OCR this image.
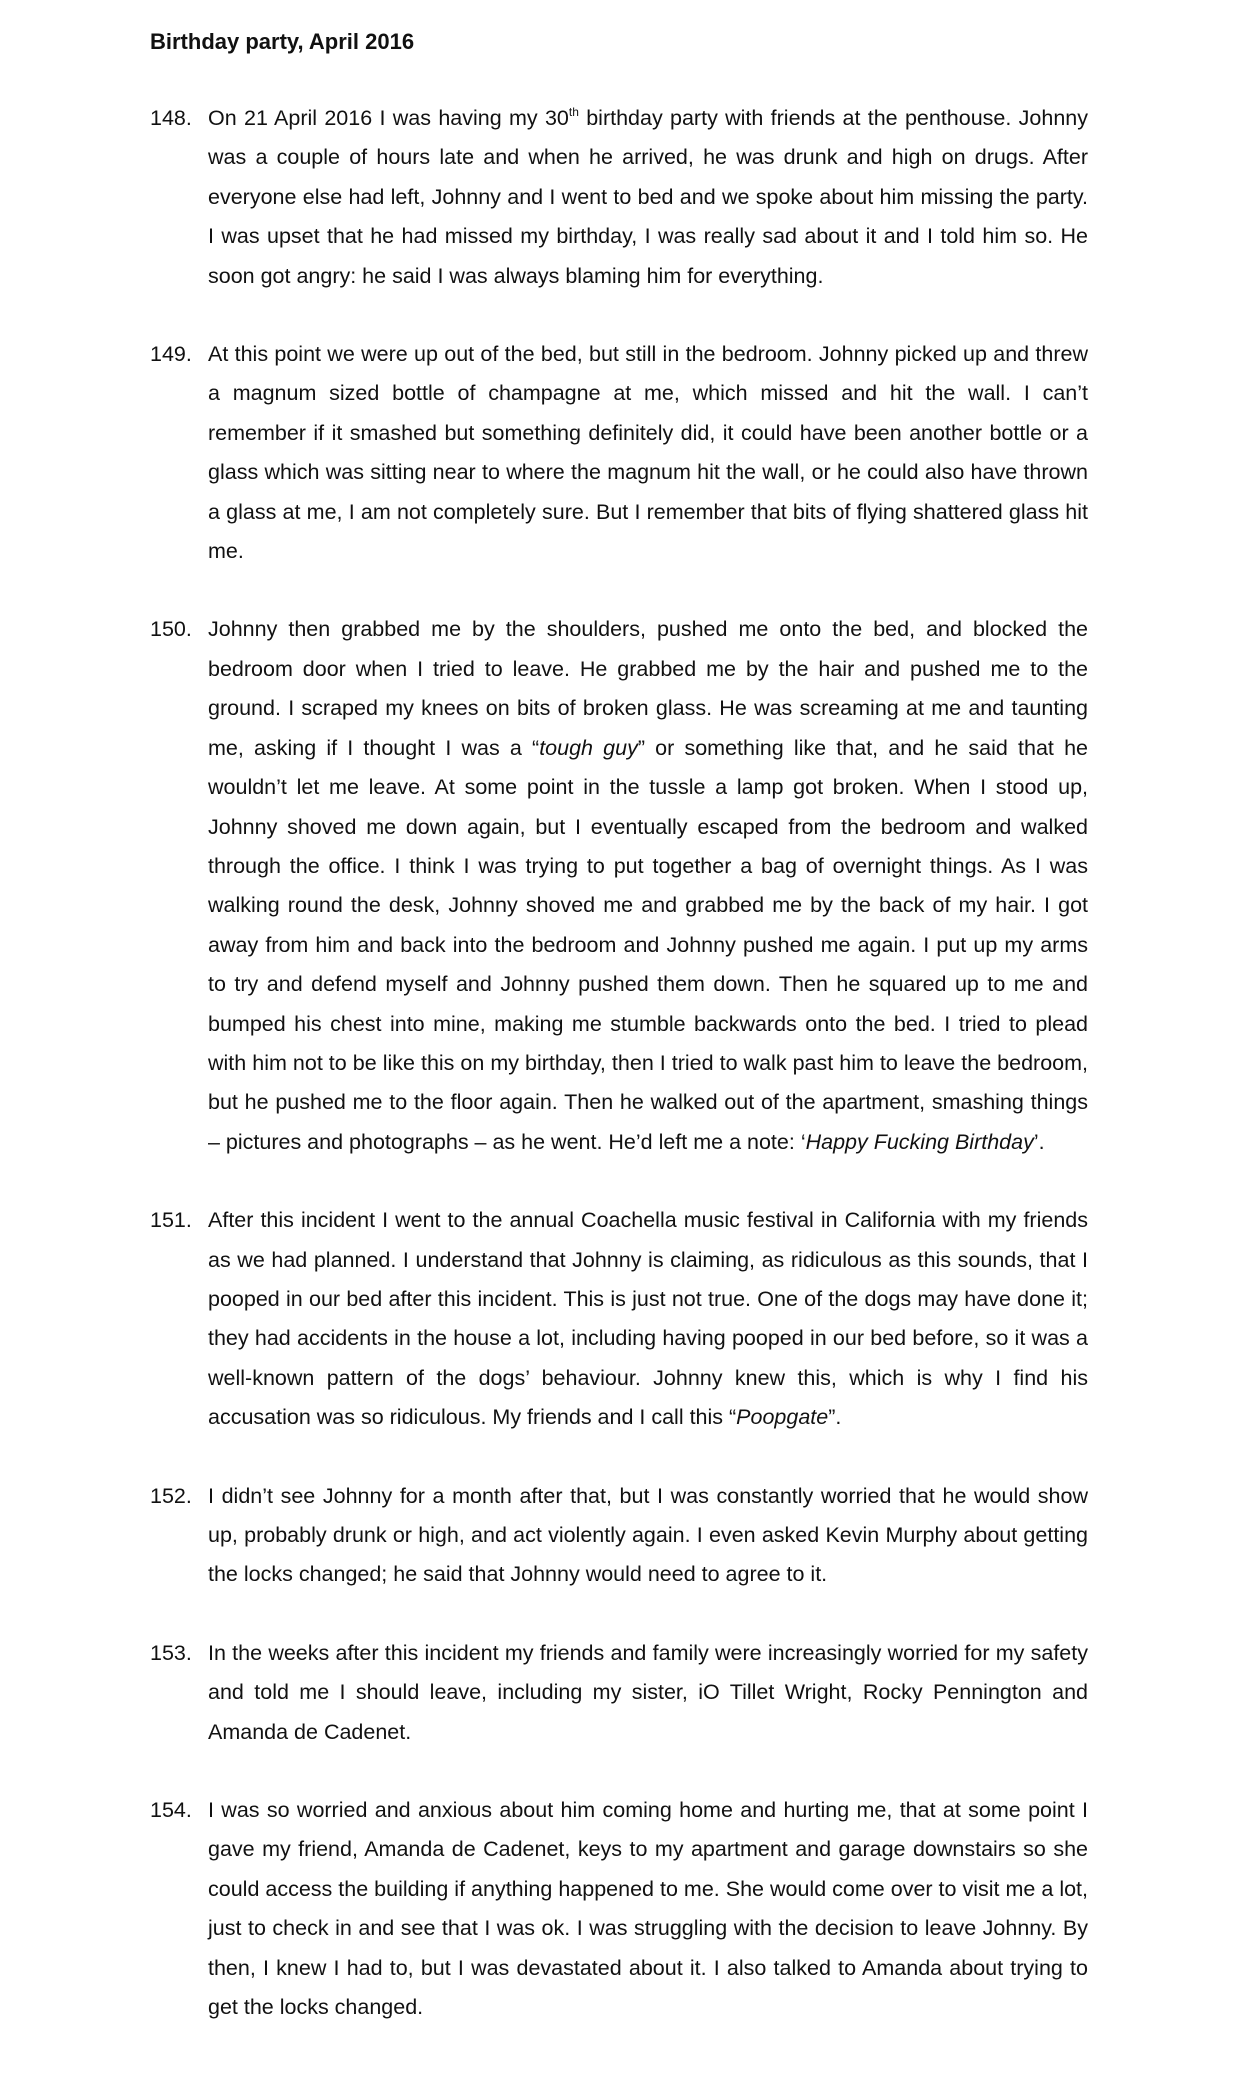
Birthday party, April 2016
148. On 21 April 2016 I was having my 30th birthday party with friends at the penthouse. Johnny was a couple of hours late and when he arrived, he was drunk and high on drugs. After everyone else had left, Johnny and I went to bed and we spoke about him missing the party. I was upset that he had missed my birthday, I was really sad about it and I told him so. He soon got angry: he said I was always blaming him for everything.
149. At this point we were up out of the bed, but still in the bedroom. Johnny picked up and threw a magnum sized bottle of champagne at me, which missed and hit the wall. I can’t remember if it smashed but something definitely did, it could have been another bottle or a glass which was sitting near to where the magnum hit the wall, or he could also have thrown a glass at me, I am not completely sure. But I remember that bits of flying shattered glass hit me.
150. Johnny then grabbed me by the shoulders, pushed me onto the bed, and blocked the bedroom door when I tried to leave. He grabbed me by the hair and pushed me to the ground. I scraped my knees on bits of broken glass. He was screaming at me and taunting me, asking if I thought I was a “tough guy” or something like that, and he said that he wouldn’t let me leave. At some point in the tussle a lamp got broken. When I stood up, Johnny shoved me down again, but I eventually escaped from the bedroom and walked through the office. I think I was trying to put together a bag of overnight things. As I was walking round the desk, Johnny shoved me and grabbed me by the back of my hair. I got away from him and back into the bedroom and Johnny pushed me again. I put up my arms to try and defend myself and Johnny pushed them down. Then he squared up to me and bumped his chest into mine, making me stumble backwards onto the bed. I tried to plead with him not to be like this on my birthday, then I tried to walk past him to leave the bedroom, but he pushed me to the floor again. Then he walked out of the apartment, smashing things – pictures and photographs – as he went. He’d left me a note: ‘Happy Fucking Birthday’.
151. After this incident I went to the annual Coachella music festival in California with my friends as we had planned. I understand that Johnny is claiming, as ridiculous as this sounds, that I pooped in our bed after this incident. This is just not true. One of the dogs may have done it; they had accidents in the house a lot, including having pooped in our bed before, so it was a well-known pattern of the dogs’ behaviour. Johnny knew this, which is why I find his accusation was so ridiculous. My friends and I call this “Poopgate”.
152. I didn’t see Johnny for a month after that, but I was constantly worried that he would show up, probably drunk or high, and act violently again. I even asked Kevin Murphy about getting the locks changed; he said that Johnny would need to agree to it.
153. In the weeks after this incident my friends and family were increasingly worried for my safety and told me I should leave, including my sister, iO Tillet Wright, Rocky Pennington and Amanda de Cadenet.
154. I was so worried and anxious about him coming home and hurting me, that at some point I gave my friend, Amanda de Cadenet, keys to my apartment and garage downstairs so she could access the building if anything happened to me. She would come over to visit me a lot, just to check in and see that I was ok. I was struggling with the decision to leave Johnny. By then, I knew I had to, but I was devastated about it. I also talked to Amanda about trying to get the locks changed.
